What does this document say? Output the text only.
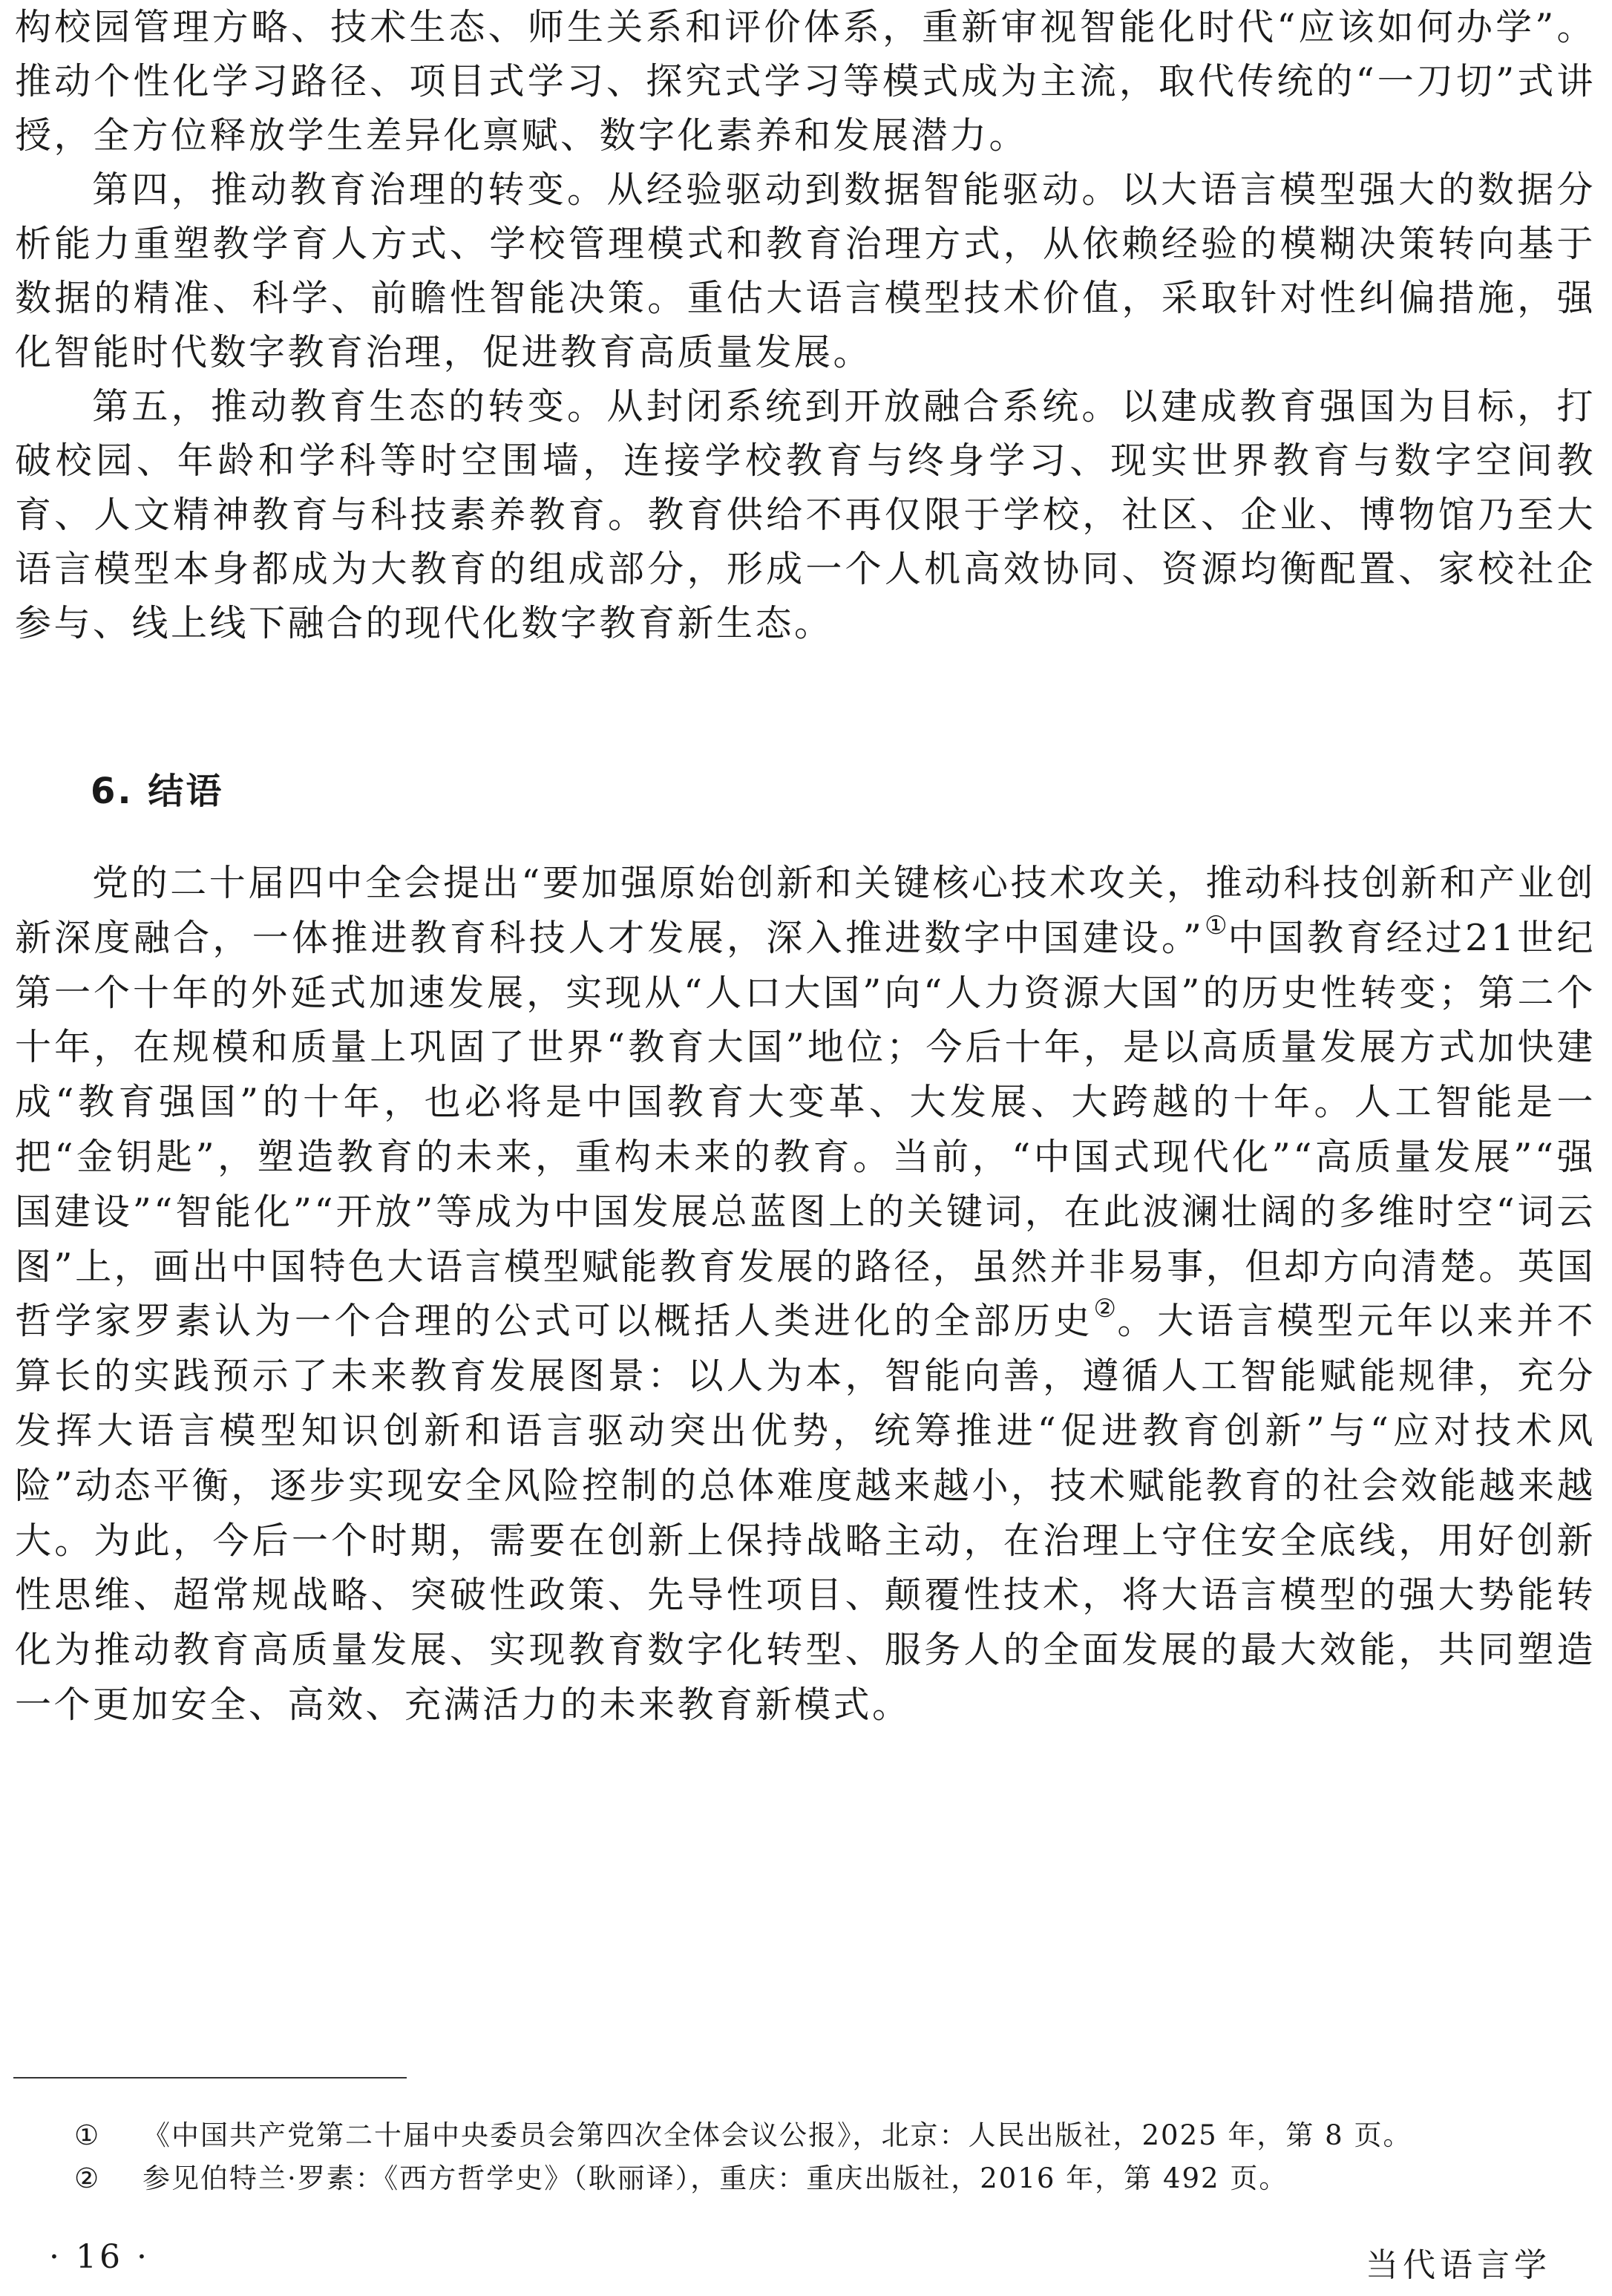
构校园管理方略、技术生态、师生关系和评价体系，重新审视智能化时代“应该如何办学”。推动个性化学习路径、项目式学习、探究式学习等模式成为主流，取代传统的“一刀切”式讲授，全方位释放学生差异化禀赋、数字化素养和发展潜力。

第四，推动教育治理的转变。从经验驱动到数据智能驱动。以大语言模型强大的数据分析能力重塑教学育人方式、学校管理模式和教育治理方式，从依赖经验的模糊决策转向基于数据的精准、科学、前瞻性智能决策。重估大语言模型技术价值，采取针对性纠偏措施，强化智能时代数字教育治理，促进教育高质量发展。

第五，推动教育生态的转变。从封闭系统到开放融合系统。以建成教育强国为目标，打破校园、年龄和学科等时空围墙，连接学校教育与终身学习、现实世界教育与数字空间教育、人文精神教育与科技素养教育。教育供给不再仅限于学校，社区、企业、博物馆乃至大语言模型本身都成为大教育的组成部分，形成一个人机高效协同、资源均衡配置、家校社企参与、线上线下融合的现代化数字教育新生态。

6. 结语

党的二十届四中全会提出“要加强原始创新和关键核心技术攻关，推动科技创新和产业创新深度融合，一体推进教育科技人才发展，深入推进数字中国建设。”①中国教育经过21世纪第一个十年的外延式加速发展，实现从“人口大国”向“人力资源大国”的历史性转变；第二个十年，在规模和质量上巩固了世界“教育大国”地位；今后十年，是以高质量发展方式加快建成“教育强国”的十年，也必将是中国教育大变革、大发展、大跨越的十年。人工智能是一把“金钥匙”，塑造教育的未来，重构未来的教育。当前，“中国式现代化”“高质量发展”“强国建设”“智能化”“开放”等成为中国发展总蓝图上的关键词，在此波澜壮阔的多维时空“词云图”上，画出中国特色大语言模型赋能教育发展的路径，虽然并非易事，但却方向清楚。英国哲学家罗素认为一个合理的公式可以概括人类进化的全部历史②。大语言模型元年以来并不算长的实践预示了未来教育发展图景：以人为本，智能向善，遵循人工智能赋能规律，充分发挥大语言模型知识创新和语言驱动突出优势，统筹推进“促进教育创新”与“应对技术风险”动态平衡，逐步实现安全风险控制的总体难度越来越小，技术赋能教育的社会效能越来越大。为此，今后一个时期，需要在创新上保持战略主动，在治理上守住安全底线，用好创新性思维、超常规战略、突破性政策、先导性项目、颠覆性技术，将大语言模型的强大势能转化为推动教育高质量发展、实现教育数字化转型、服务人的全面发展的最大效能，共同塑造一个更加安全、高效、充满活力的未来教育新模式。

①	《中国共产党第二十届中央委员会第四次全体会议公报》，北京：人民出版社，2025 年，第 8 页。
②	参见伯特兰·罗素：《西方哲学史》（耿丽译），重庆：重庆出版社，2016 年，第 492 页。
· 16 ·	当代语言学
